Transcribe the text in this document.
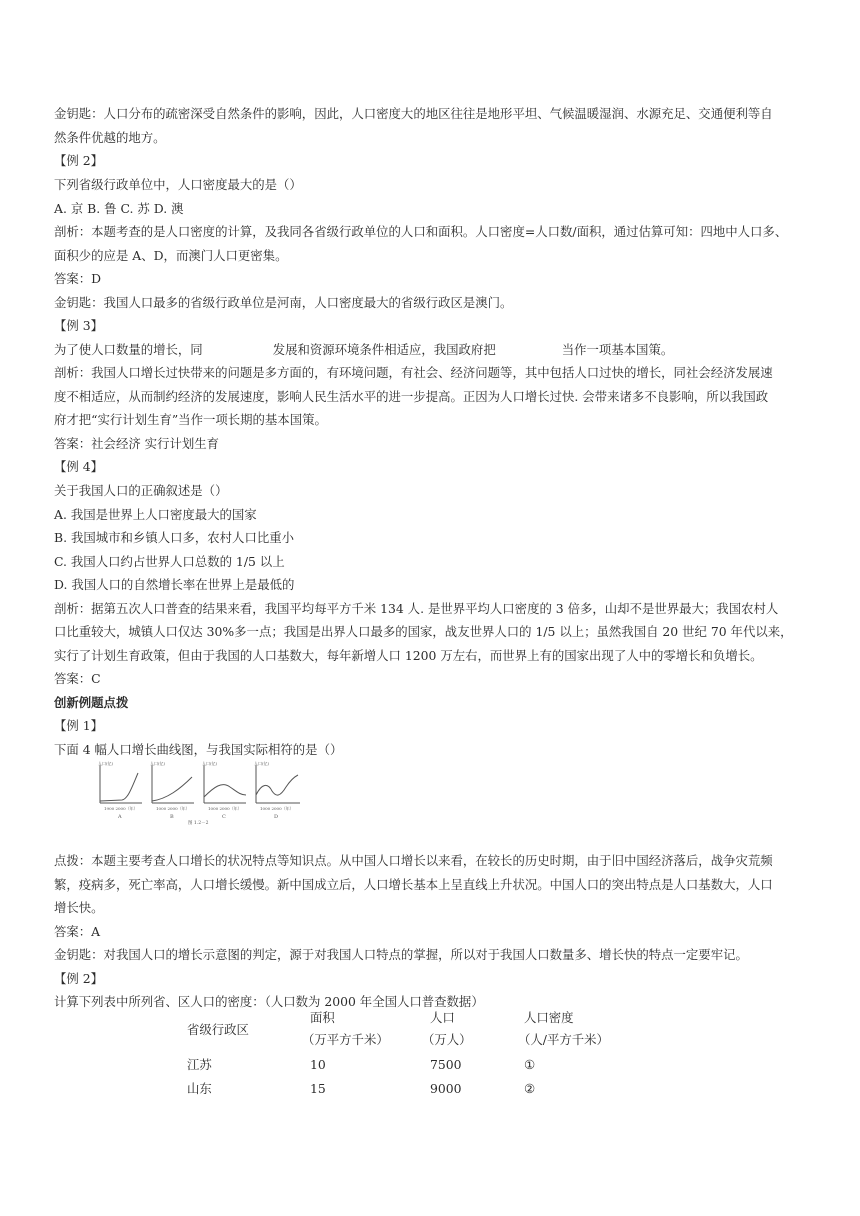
金钥匙：人口分布的疏密深受自然条件的影响，因此，人口密度大的地区往往是地形平坦、气候温暖湿润、水源充足、交通便利等自
然条件优越的地方。
【例 2】
下列省级行政单位中，人口密度最大的是（）
A. 京 B. 鲁 C. 苏 D. 澳
剖析：本题考查的是人口密度的计算，及我同各省级行政单位的人口和面积。人口密度=人口数/面积，通过估算可知：四地中人口多、
面积少的应是 A、D，而澳门人口更密集。
答案：D
金钥匙：我国人口最多的省级行政单位是河南，人口密度最大的省级行政区是澳门。
【例 3】
为了使人口数量的增长，同	发展和资源环境条件相适应，我国政府把	当作一项基本国策。
剖析：我国人口增长过快带来的问题是多方面的，有环境问题，有社会、经济问题等，其中包括人口过快的增长，同社会经济发展速
度不相适应，从而制约经济的发展速度，影响人民生活水平的进一步提高。正因为人口增长过快. 会带来诸多不良影响，所以我国政
府才把“实行计划生育”当作一项长期的基本国策。
答案：社会经济 实行计划生育
【例 4】
关于我国人口的正确叙述是（）
A. 我国是世界上人口密度最大的国家
B. 我国城市和乡镇人口多，农村人口比重小
C. 我国人口约占世界人口总数的 1/5 以上
D. 我国人口的自然增长率在世界上是最低的
剖析：据第五次人口普查的结果来看，我国平均每平方千米 134 人. 是世界平均人口密度的 3 倍多，山却不是世界最大；我国农村人
口比重较大，城镇人口仅达 30%多一点；我国是出界人口最多的国家，战友世界人口的 1/5 以上；虽然我国自 20 世纪 70 年代以来，
实行了计划生育政策，但由于我国的人口基数大，每年新增人口 1200 万左右，而世界上有的国家出现了人中的零增长和负增长。
答案：C
创新例题点拨
【例 1】
下面 4 幅人口增长曲线图，与我国实际相符的是（）
人口(亿)
1900 2000（年）
A
人口(亿)
1000 2000（年）
B
人口(亿)
1000 2000（年）
C
人口(亿)
1000 2000（年）
D
图 1.2－2
点拨：本题主要考查人口增长的状况特点等知识点。从中国人口增长以来看，在较长的历史时期，由于旧中国经济落后，战争灾荒频
繁，疫病多，死亡率高，人口增长缓慢。新中国成立后，人口增长基本上呈直线上升状况。中国人口的突出特点是人口基数大，人口
增长快。
答案：A
金钥匙：对我国人口的增长示意图的判定，源于对我国人口特点的掌握，所以对于我国人口数量多、增长快的特点一定要牢记。
【例 2】
计算下列表中所列省、区人口的密度：（人口数为 2000 年全国人口普查数据）
省级行政区
面积	人口	人口密度
（万平方千米）	（万人）	（人/平方千米）
江苏	10	7500	①
山东	15	9000	②
